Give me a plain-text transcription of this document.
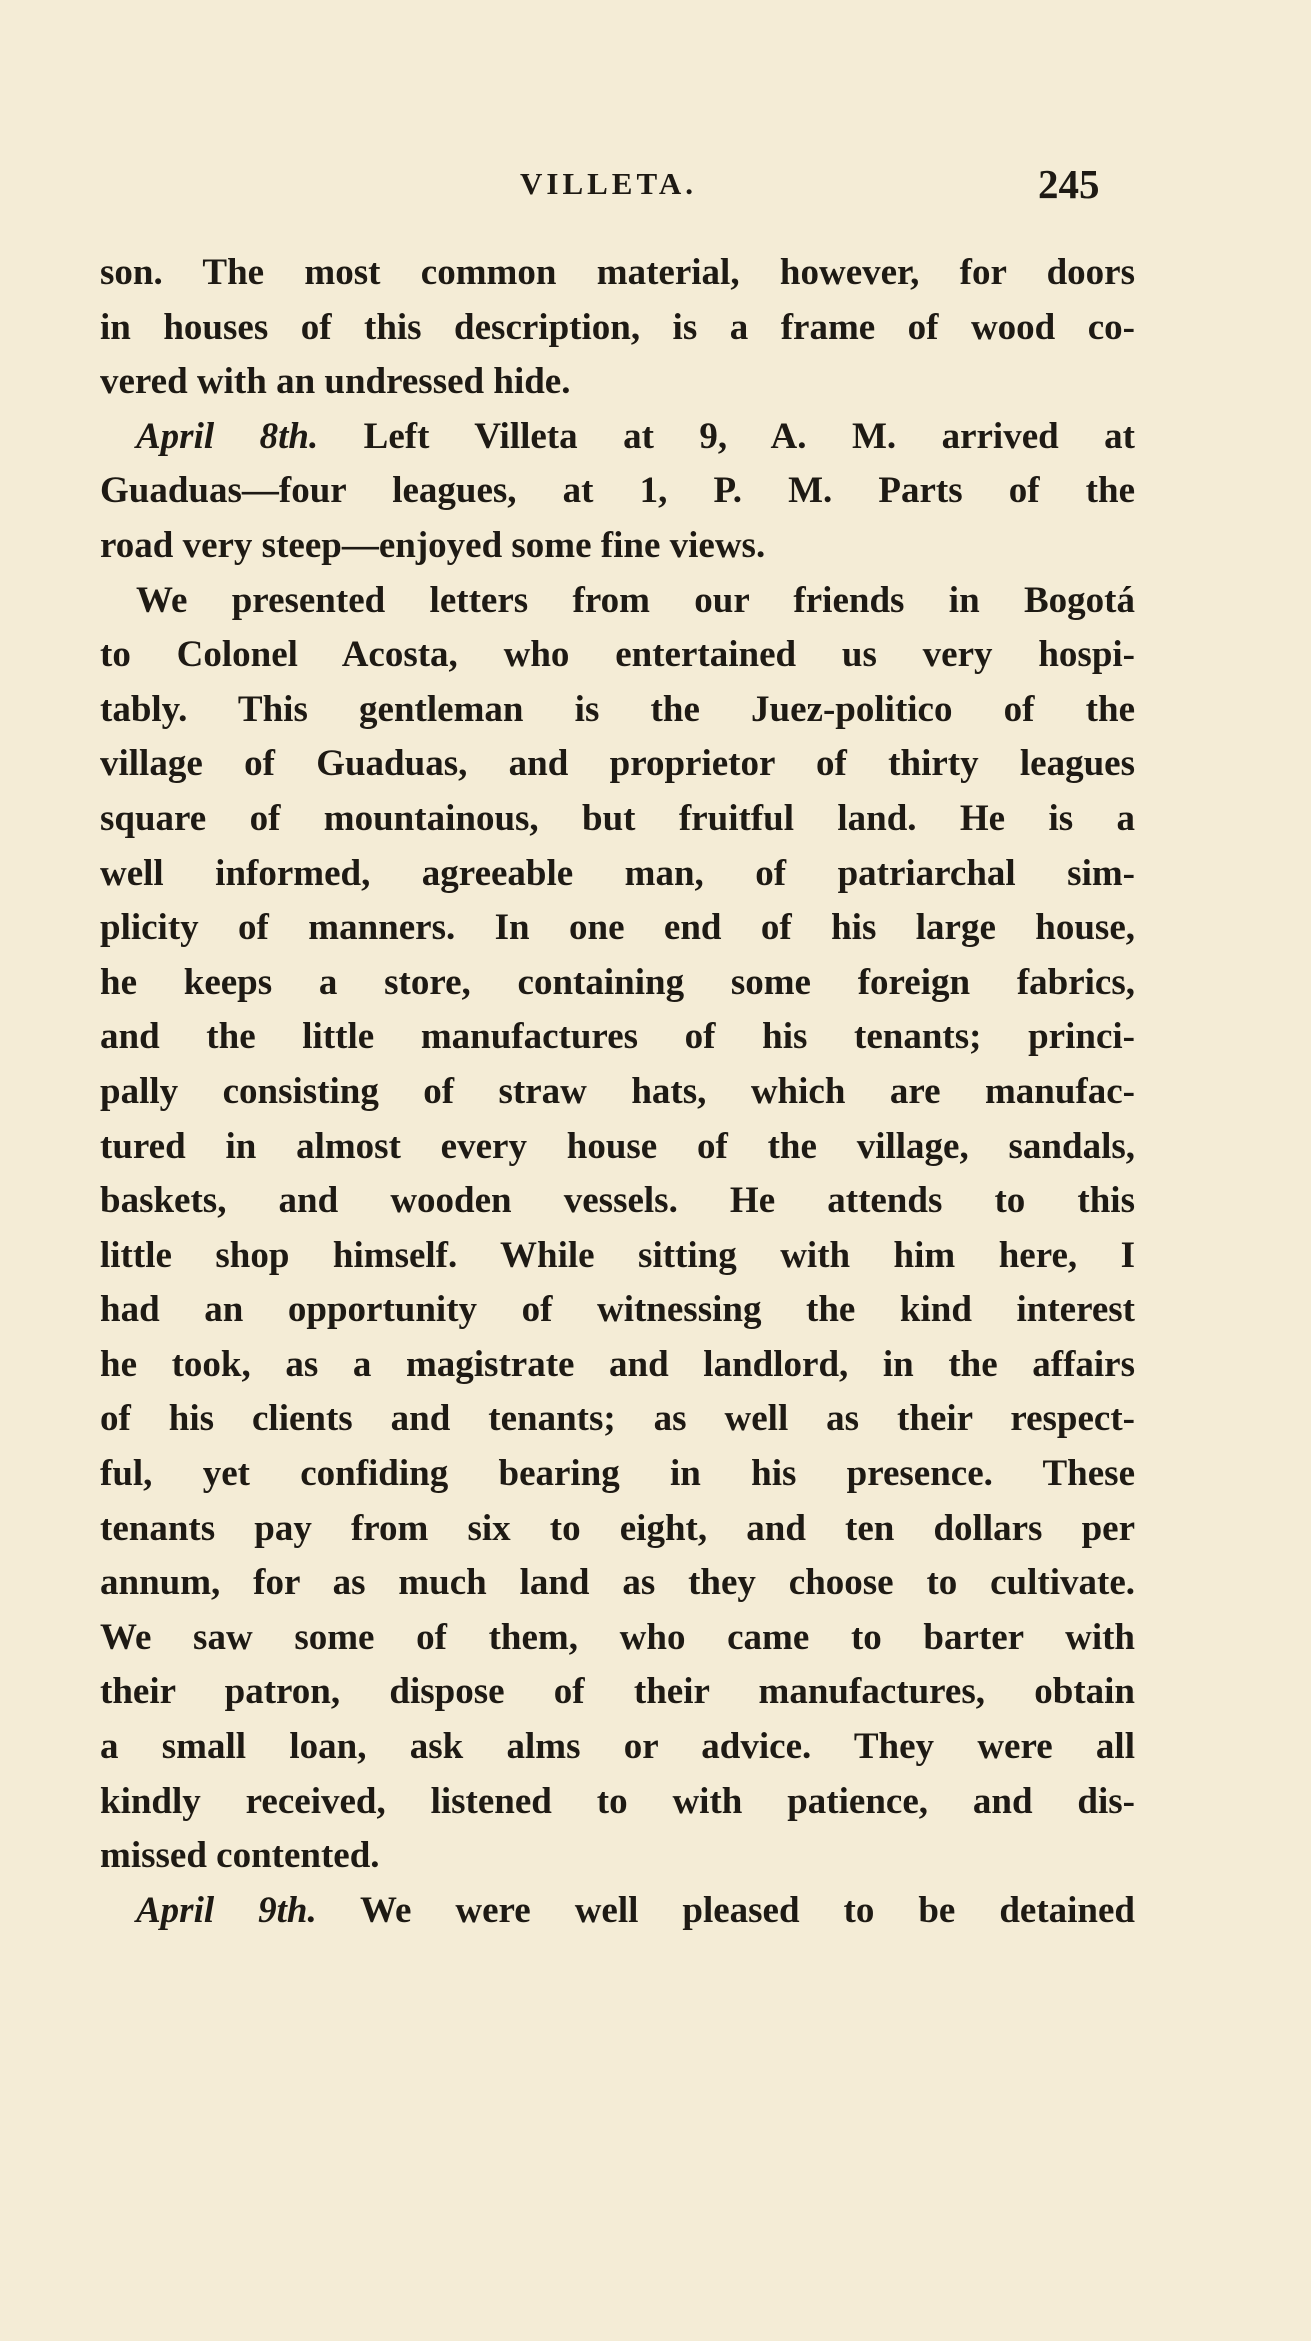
VILLETA.	245
son. The most common material, however, for doors
in houses of this description, is a frame of wood co-
vered with an undressed hide.
April 8th. Left Villeta at 9, A. M. arrived at
Guaduas—four leagues, at 1, P. M. Parts of the
road very steep—enjoyed some fine views.
We presented letters from our friends in Bogotá
to Colonel Acosta, who entertained us very hospi-
tably. This gentleman is the Juez-politico of the
village of Guaduas, and proprietor of thirty leagues
square of mountainous, but fruitful land. He is a
well informed, agreeable man, of patriarchal sim-
plicity of manners. In one end of his large house,
he keeps a store, containing some foreign fabrics,
and the little manufactures of his tenants; princi-
pally consisting of straw hats, which are manufac-
tured in almost every house of the village, sandals,
baskets, and wooden vessels. He attends to this
little shop himself. While sitting with him here, I
had an opportunity of witnessing the kind interest
he took, as a magistrate and landlord, in the affairs
of his clients and tenants; as well as their respect-
ful, yet confiding bearing in his presence. These
tenants pay from six to eight, and ten dollars per
annum, for as much land as they choose to cultivate.
We saw some of them, who came to barter with
their patron, dispose of their manufactures, obtain
a small loan, ask alms or advice. They were all
kindly received, listened to with patience, and dis-
missed contented.
April 9th. We were well pleased to be detained
